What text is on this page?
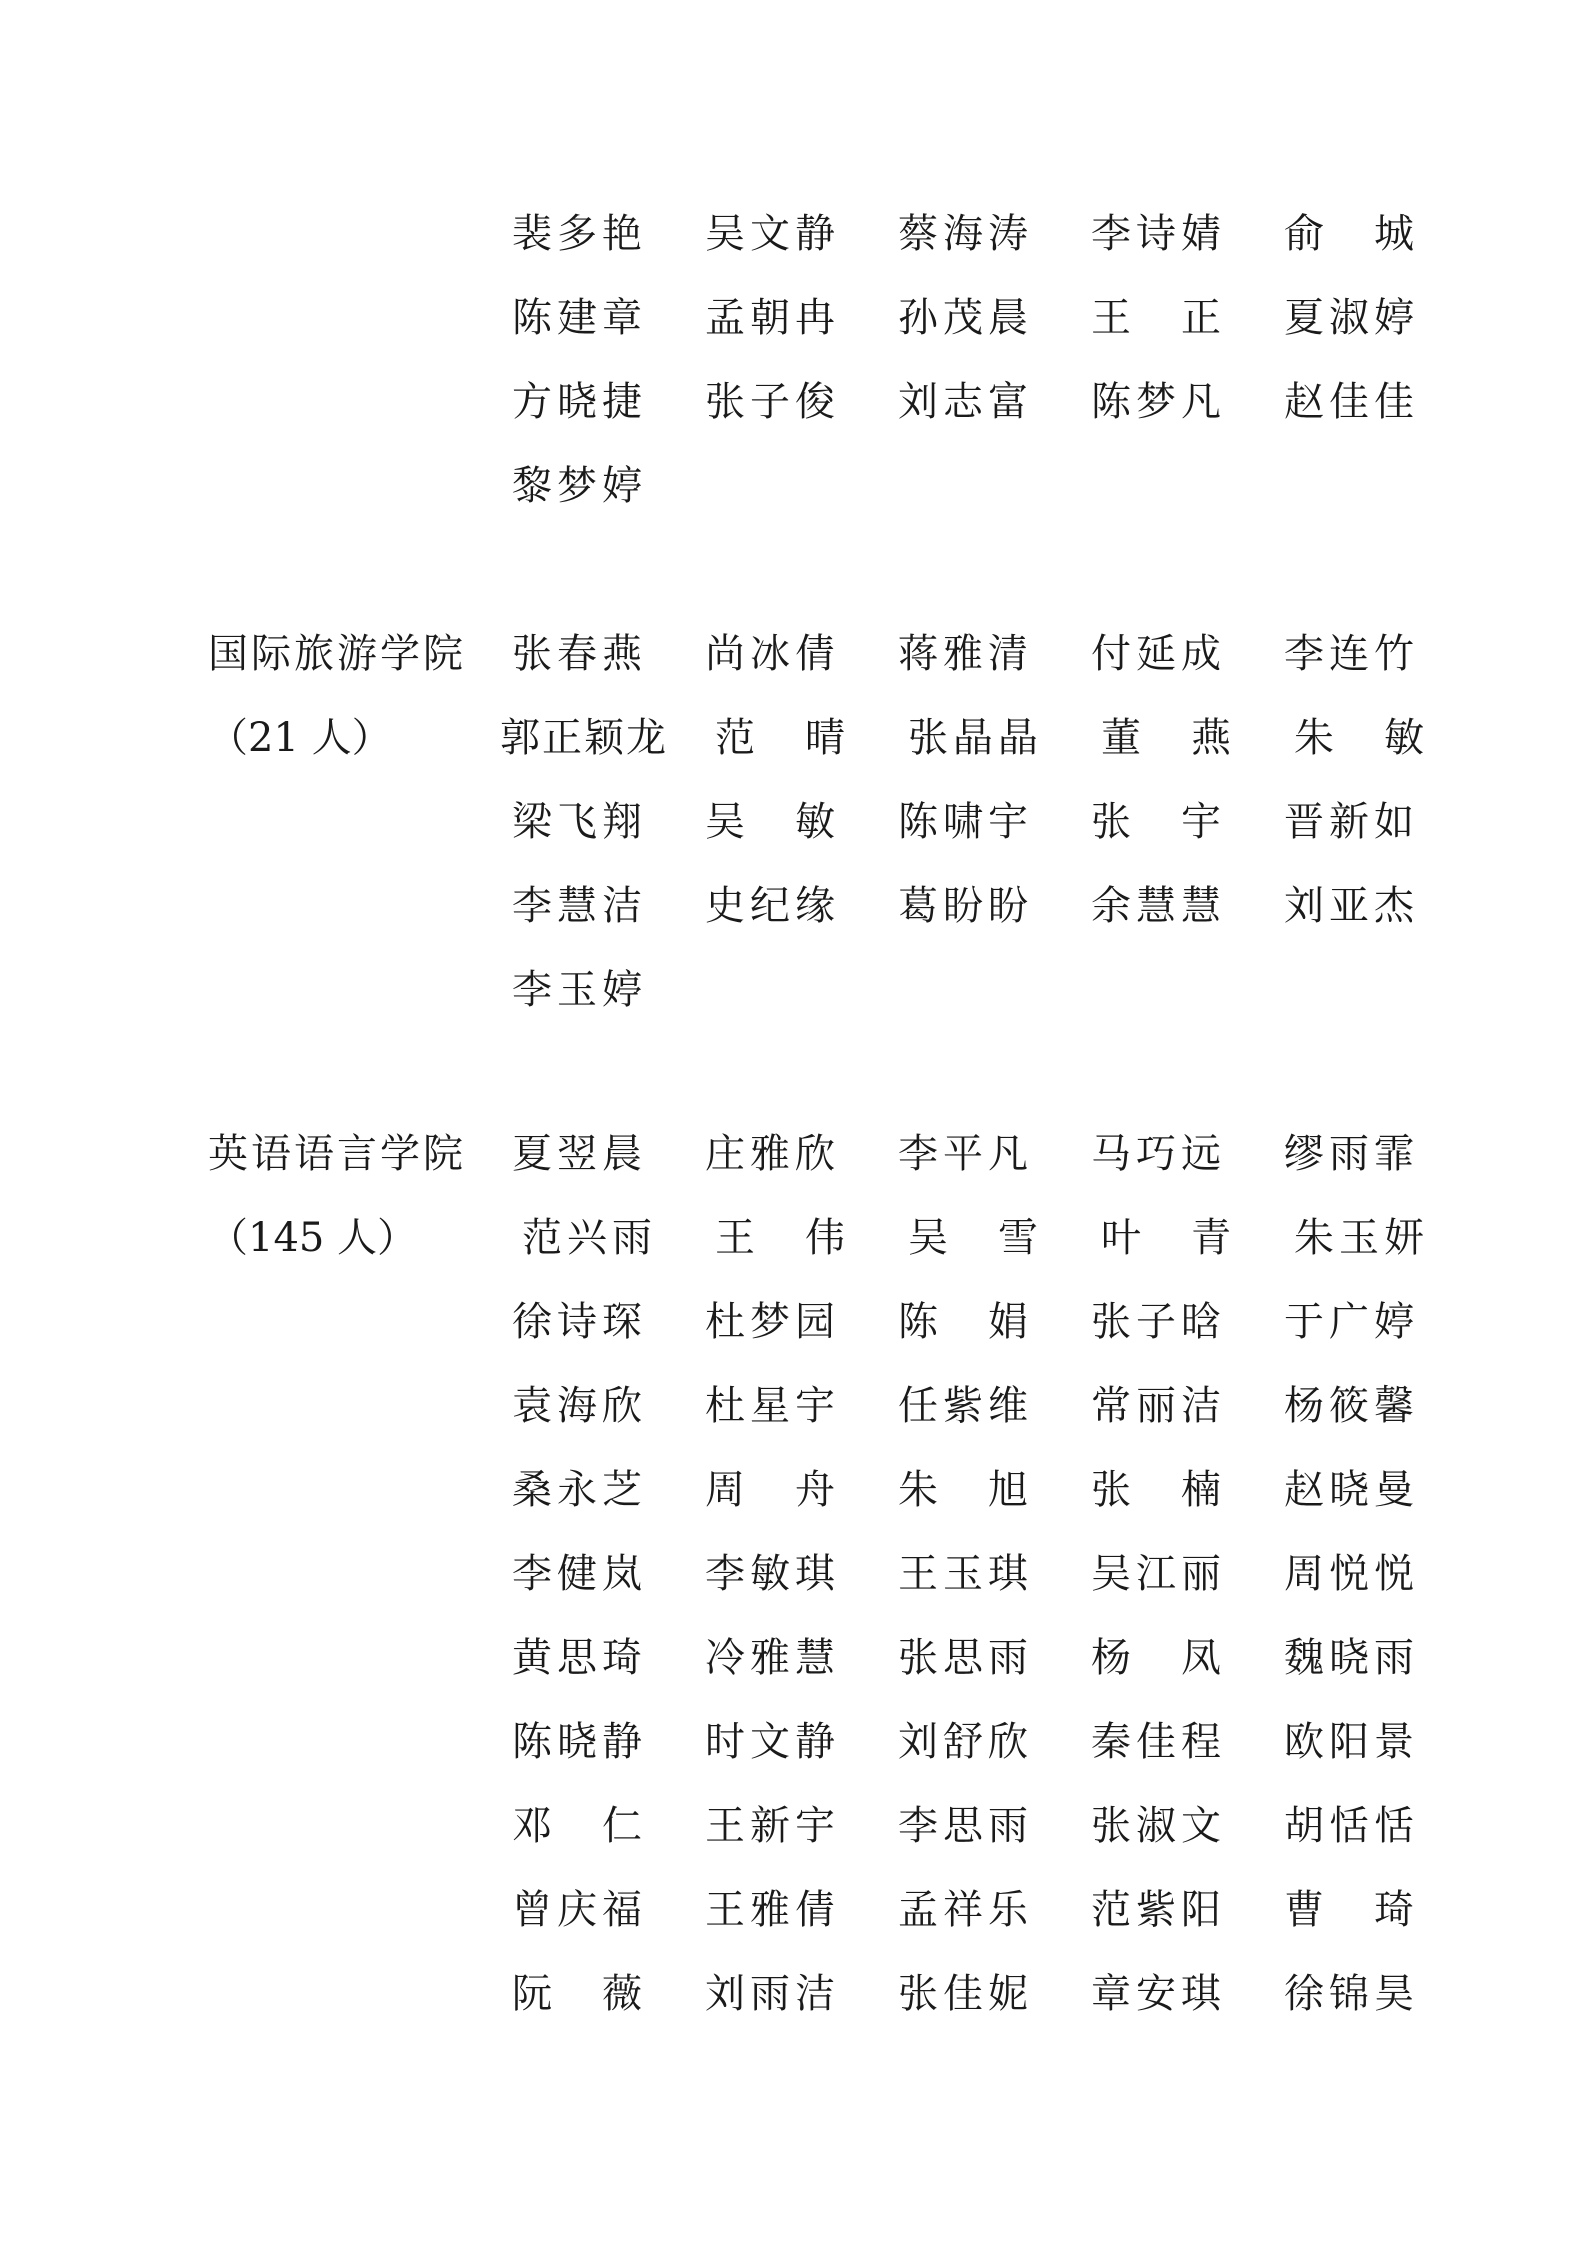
裴多艳 吴文静 蔡海涛 李诗婧 俞城
陈建章 孟朝冉 孙茂晨 王正 夏淑婷
方晓捷 张子俊 刘志富 陈梦凡 赵佳佳
黎梦婷
国际旅游学院
（21 人）
张春燕 尚冰倩 蒋雅清 付延成 李连竹
郭正颖龙 范晴 张晶晶 董燕 朱敏
梁飞翔 吴敏 陈啸宇 张宇 晋新如
李慧洁 史纪缘 葛盼盼 余慧慧 刘亚杰
李玉婷
英语语言学院
（145 人）
夏翌晨 庄雅欣 李平凡 马巧远 缪雨霏
范兴雨 王伟 吴雪 叶青 朱玉妍
徐诗琛 杜梦园 陈娟 张子晗 于广婷
袁海欣 杜星宇 任紫维 常丽洁 杨筱馨
桑永芝 周舟 朱旭 张楠 赵晓曼
李健岚 李敏琪 王玉琪 吴江丽 周悦悦
黄思琦 冷雅慧 张思雨 杨凤 魏晓雨
陈晓静 时文静 刘舒欣 秦佳程 欧阳景
邓仁 王新宇 李思雨 张淑文 胡恬恬
曾庆福 王雅倩 孟祥乐 范紫阳 曹琦
阮薇 刘雨洁 张佳妮 章安琪 徐锦昊
